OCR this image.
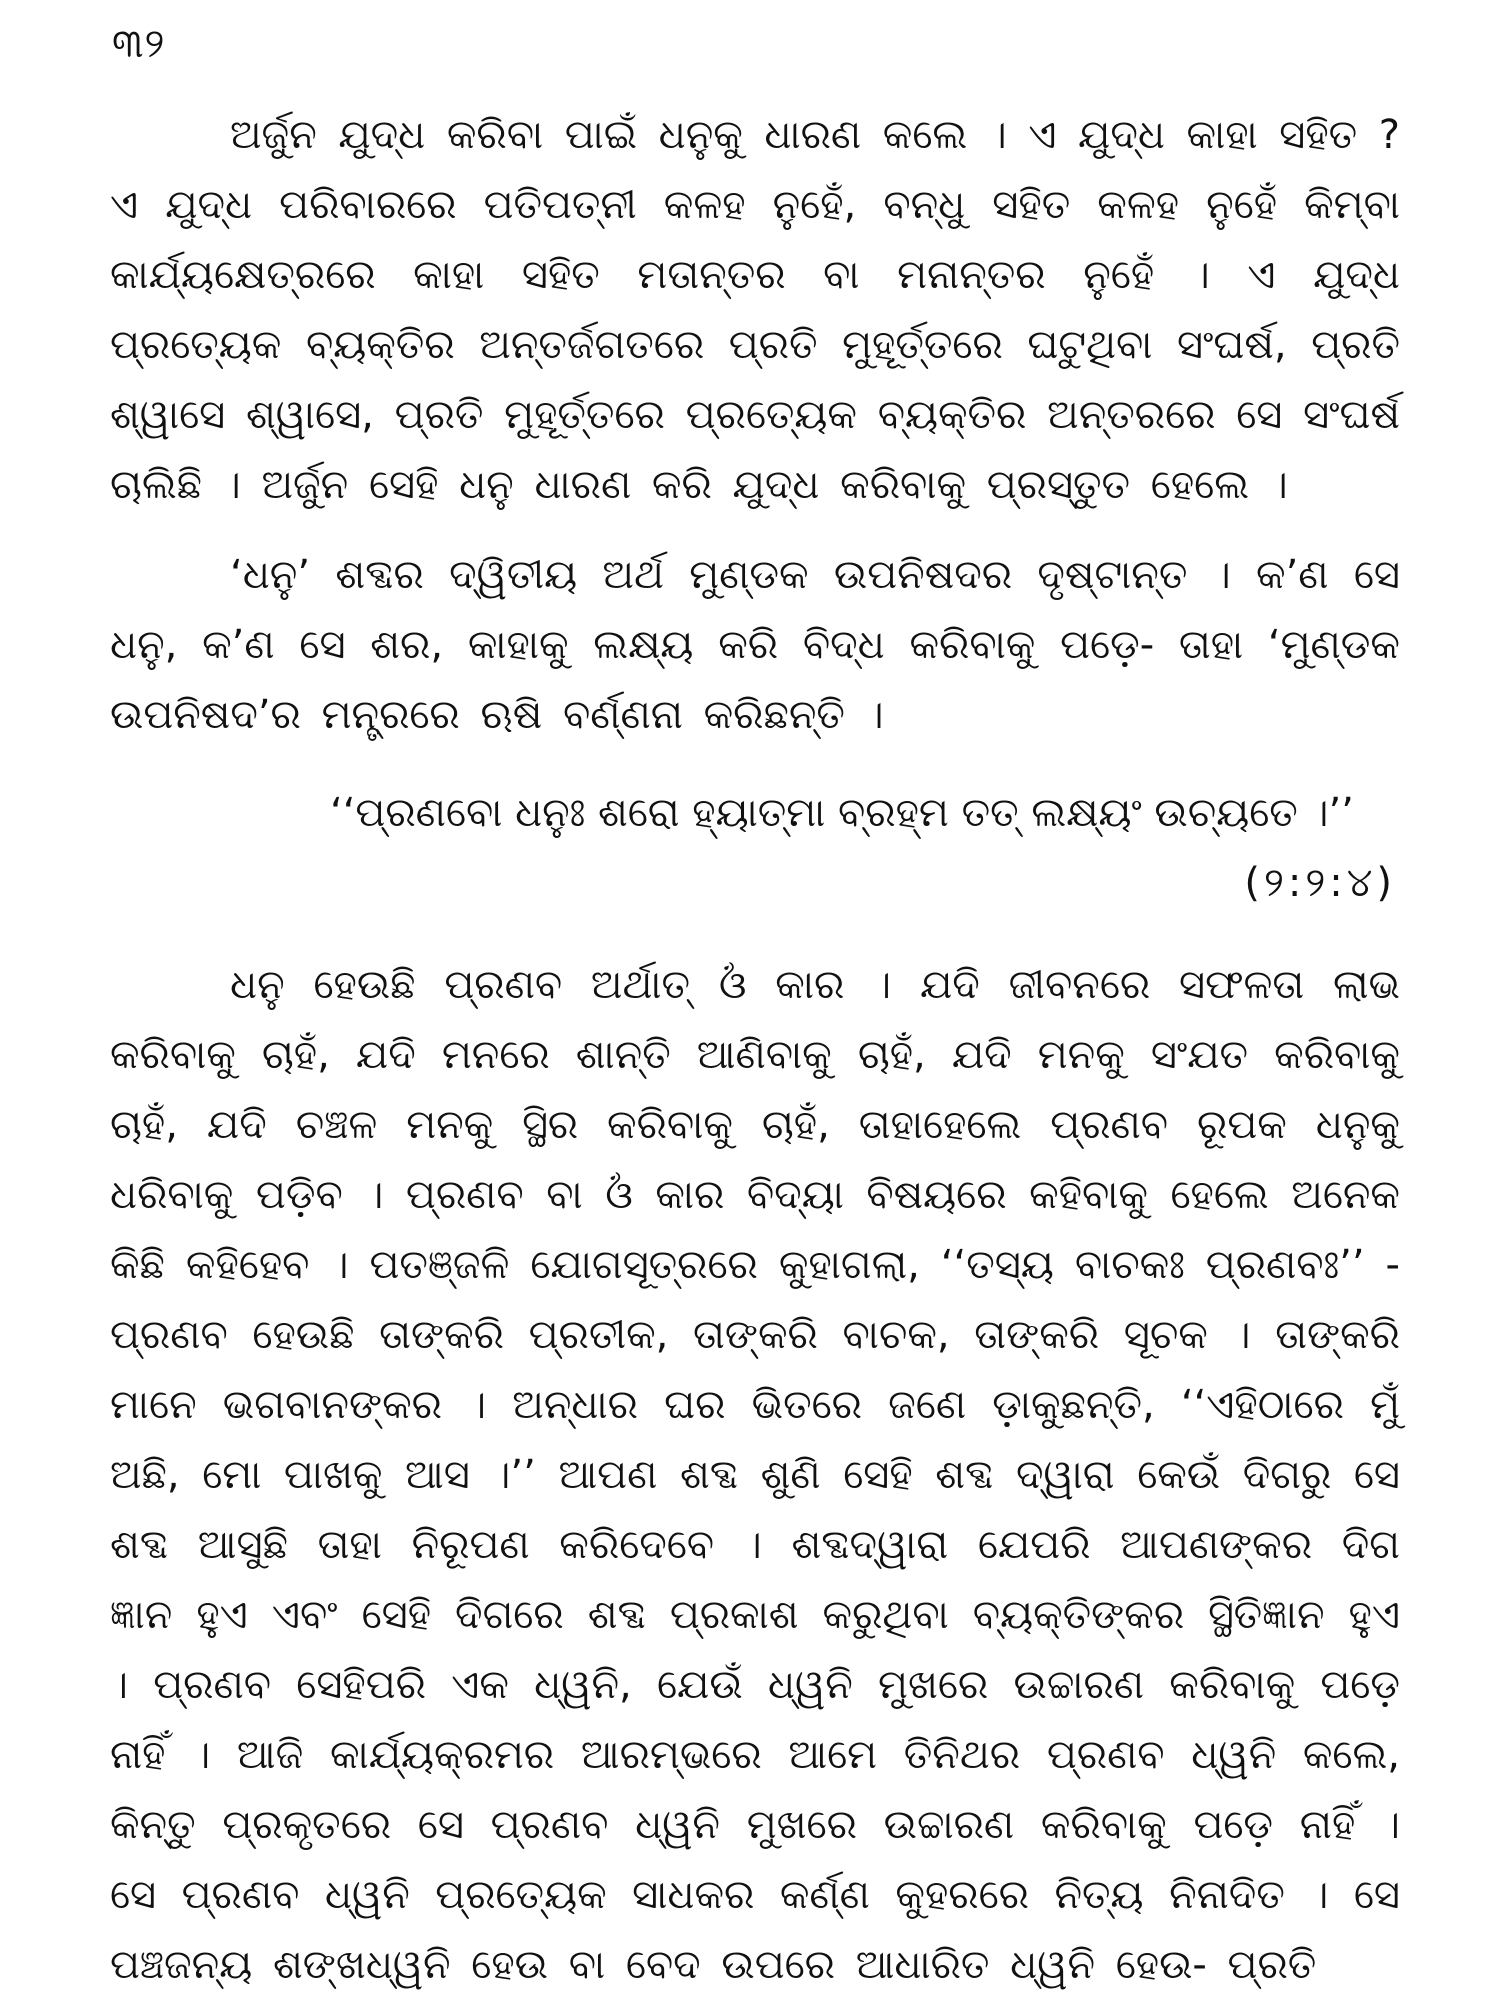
୩୨

ଅର୍ଜୁନ ଯୁଦ୍ଧ କରିବା ପାଇଁ ଧନୁକୁ ଧାରଣ କଲେ । ଏ ଯୁଦ୍ଧ କାହା ସହିତ ? ଏ ଯୁଦ୍ଧ ପରିବାରରେ ପତିପତ୍ନୀ କଳହ ନୁହେଁ, ବନ୍ଧୁ ସହିତ କଳହ ନୁହେଁ କିମ୍ବା କାର୍ଯ୍ୟକ୍ଷେତ୍ରରେ କାହା ସହିତ ମତାନ୍ତର ବା ମନାନ୍ତର ନୁହେଁ । ଏ ଯୁଦ୍ଧ ପ୍ରତ୍ୟେକ ବ୍ୟକ୍ତିର ଅନ୍ତର୍ଜଗତରେ ପ୍ରତି ମୁହୂର୍ତ୍ତରେ ଘଟୁଥିବା ସଂଘର୍ଷ, ପ୍ରତି ଶ୍ୱାସେ ଶ୍ୱାସେ, ପ୍ରତି ମୁହୂର୍ତ୍ତରେ ପ୍ରତ୍ୟେକ ବ୍ୟକ୍ତିର ଅନ୍ତରରେ ସେ ସଂଘର୍ଷ ଚାଲିଛି । ଅର୍ଜୁନ ସେହି ଧନୁ ଧାରଣ କରି ଯୁଦ୍ଧ କରିବାକୁ ପ୍ରସ୍ତୁତ ହେଲେ ।

‘ଧନୁ’ ଶବ୍ଦର ଦ୍ୱିତୀୟ ଅର୍ଥ ମୁଣ୍ଡକ ଉପନିଷଦର ଦୃଷ୍ଟାନ୍ତ । କ’ଣ ସେ ଧନୁ, କ’ଣ ସେ ଶର, କାହାକୁ ଲକ୍ଷ୍ୟ କରି ବିଦ୍ଧ କରିବାକୁ ପଡ଼େ- ତାହା ‘ମୁଣ୍ଡକ ଉପନିଷଦ’ର ମନ୍ତ୍ରରେ ଋଷି ବର୍ଣ୍ଣନା କରିଛନ୍ତି ।

‘‘ପ୍ରଣବୋ ଧନୁଃ ଶରୋ ହ୍ୟାତ୍ମା ବ୍ରହ୍ମ ତତ୍ ଲକ୍ଷ୍ୟଂ ଉଚ୍ୟତେ ।’’

(୨:୨:୪)

ଧନୁ ହେଉଛି ପ୍ରଣବ ଅର୍ଥାତ୍ ଓଁ କାର । ଯଦି ଜୀବନରେ ସଫଳତା ଲାଭ କରିବାକୁ ଚାହଁ, ଯଦି ମନରେ ଶାନ୍ତି ଆଣିବାକୁ ଚାହଁ, ଯଦି ମନକୁ ସଂଯତ କରିବାକୁ ଚାହଁ, ଯଦି ଚଞ୍ଚଳ ମନକୁ ସ୍ଥିର କରିବାକୁ ଚାହଁ, ତାହାହେଲେ ପ୍ରଣବ ରୂପକ ଧନୁକୁ ଧରିବାକୁ ପଡ଼ିବ । ପ୍ରଣବ ବା ଓଁ କାର ବିଦ୍ୟା ବିଷୟରେ କହିବାକୁ ହେଲେ ଅନେକ କିଛି କହିହେବ । ପତଞ୍ଜଳି ଯୋଗସୂତ୍ରରେ କୁହାଗଲା, ‘‘ତସ୍ୟ ବାଚକଃ ପ୍ରଣବଃ’’ - ପ୍ରଣବ ହେଉଛି ତାଙ୍କରି ପ୍ରତୀକ, ତାଙ୍କରି ବାଚକ, ତାଙ୍କରି ସୂଚକ । ତାଙ୍କରି ମାନେ ଭଗବାନଙ୍କର । ଅନ୍ଧାର ଘର ଭିତରେ ଜଣେ ଡ଼ାକୁଛନ୍ତି, ‘‘ଏହିଠାରେ ମୁଁ ଅଛି, ମୋ ପାଖକୁ ଆସ ।’’ ଆପଣ ଶବ୍ଦ ଶୁଣି ସେହି ଶବ୍ଦ ଦ୍ୱାରା କେଉଁ ଦିଗରୁ ସେ ଶବ୍ଦ ଆସୁଛି ତାହା ନିରୂପଣ କରିଦେବେ । ଶବ୍ଦଦ୍ୱାରା ଯେପରି ଆପଣଙ୍କର ଦିଗ ଜ୍ଞାନ ହୁଏ ଏବଂ ସେହି ଦିଗରେ ଶବ୍ଦ ପ୍ରକାଶ କରୁଥିବା ବ୍ୟକ୍ତିଙ୍କର ସ୍ଥିତିଜ୍ଞାନ ହୁଏ । ପ୍ରଣବ ସେହିପରି ଏକ ଧ୍ୱନି, ଯେଉଁ ଧ୍ୱନି ମୁଖରେ ଉଚ୍ଚାରଣ କରିବାକୁ ପଡ଼େ ନାହିଁ । ଆଜି କାର୍ଯ୍ୟକ୍ରମର ଆରମ୍ଭରେ ଆମେ ତିନିଥର ପ୍ରଣବ ଧ୍ୱନି କଲେ, କିନ୍ତୁ ପ୍ରକୃତରେ ସେ ପ୍ରଣବ ଧ୍ୱନି ମୁଖରେ ଉଚ୍ଚାରଣ କରିବାକୁ ପଡ଼େ ନାହିଁ । ସେ ପ୍ରଣବ ଧ୍ୱନି ପ୍ରତ୍ୟେକ ସାଧକର କର୍ଣ୍ଣ କୁହରରେ ନିତ୍ୟ ନିନାଦିତ । ସେ ପଞ୍ଚଜନ୍ୟ ଶଙ୍ଖଧ୍ୱନି ହେଉ ବା ବେଦ ଉପରେ ଆଧାରିତ ଧ୍ୱନି ହେଉ- ପ୍ରତି
